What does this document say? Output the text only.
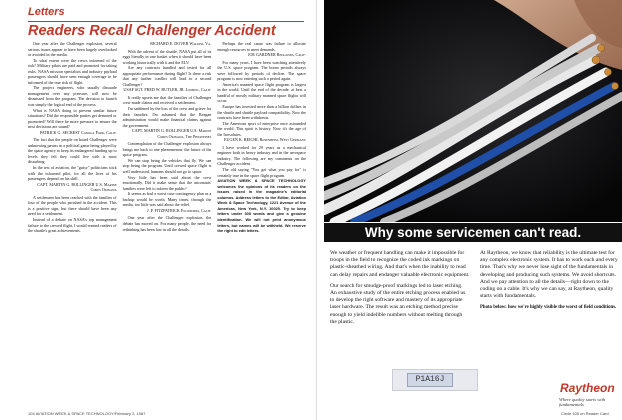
Letters
Readers Recall Challenger Accident

One year after the Challenger explosion, several serious issues appear to have been largely overlooked or avoided in the media.

To what extent were the crews informed of the risk? Military pilots are paid and promoted for taking risks. NASA mission specialists and industry payload passengers should have seen enough coverage to be informed of the true risk of flight.

The project engineers, who usually dissuade management over any pressure, will now be dismissed from the program. The decision to launch was simply the logical end of the process.

What is NASA doing to prevent similar future situations? Did the responsible parties get demoted or promoted? Will there be more pressure to ensure the next decisions are sound?

PATRICK G. SECREST Canoga Park, Calif.

The fact that the people on board Challenger were unknowing pawns in a political game being played by the space agency to keep its endangered funding up to levels they felt they could live with is most disturbing.

In the test of aviation, the "gutsy" politicians stick with the informed pilot, for all the lives of his passengers depend on his skill.

CAPT. MARTIN G. ROLLINGER U.S. Marine Corps Okinawa

A settlement has been reached with the families of four of the people who perished in the accident. This is a positive sign, but there should have been any need for a settlement.

Instead of a debate on NASA's top management failure to the crewed flight, I would remind readers of the shuttle's great achievements.

RICHARD E. DOVER Walker, Va.

With the advent of the shuttle, NASA put all of its eggs literally in one basket when it should have been working historically with it and the ELV.

Are any contracts handled and tested for all appropriate performance during flight? Is there a risk that any further conflict will lead to a second Challenger?

USAF SGT. FRED W. BUTLER, JR. Lompoc, Calif.

It really upsets me that the families of Challenger crew made claims and received a settlement.

I'm saddened by the loss of the crew and grieve for their families. I'm ashamed that the Reagan administration would make financial claims against the government.

CAPT. MARTIN G. ROLLINGER U.S. Marine Corps Okinawa, The Philippines

Contemplation of the Challenger explosion always brings me back to one phenomenon: the future of the space program.

We can stop being the vehicles that fly. We can stop being the program. Until crewed space flight is well understood, humans should not go to space.

Very little has been said about the crew emotionally. Did it make sense that the astronauts' families were left to inform the public?

It seems as bad a worst case contingency plan as a backup would be worth. Many times, through the media, too little was said about the relief.

J. P. FITZPATRICK Escondido, Calif.

One year after the Challenger explosion, the debate has moved on. For many people, the need for rethinking has been lost in all the details.

Perhaps the real cause was failure to allocate enough resources to meet demands.

JOE GARDNER Redlands, Calif.

For many years, I have been watching attentively the U.S. space program. The boom periods always were followed by periods of decline. The space program is now entering such a period again.

America's manned space flight program is largest in the world. Until the end of the decade, at best a handful of mostly military manned space flights will occur.

Europe has invested more than a billion dollars in the shuttle and shuttle payload compatibility. Now the contracts have been withdrawn.

The American sport of enterprise once astounded the world. This spirit is history. Now it's the age of the Irresolutes.

EUGEN K. REICHL Rosenheim, West Germany

I have worked for 29 years as a mechanical engineer both in heavy industry and in the aerospace industry. The following are my comments on the Challenger accident.

The old saying "You get what you pay for" is certainly true in the space flight program.

AVIATION WEEK & SPACE TECHNOLOGY welcomes the opinions of its readers on the issues raised in the magazine's editorial columns. Address letters to the Editor, Aviation Week & Space Technology, 1221 Avenue of the Americas, New York, N.Y. 10020. Try to keep letters under 300 words and give a genuine identification. We will not print anonymous letters, but names will be withheld. We reserve the right to edit letters.

104 AVIATION WEEK & SPACE TECHNOLOGY/February 2, 1987
Why some servicemen can't read.

We weather or frequent handling can make it impossible for troops in the field to recognize the coded ink markings on plastic-sheathed wiring. And that's when the inability to read can delay repairs and endanger valuable electronic equipment.

Our search for smudge-proof markings led to laser etching. An exhaustive study of the entire etching process enabled us to develop the right software and mastery of its appropriate laser hardware. The result was an etching method precise enough to yield indelible numbers without melting through the plastic.

At Raytheon, we know that reliability is the ultimate test for any complex electronic system. It has to work each and every time. That's why we never lose sight of the fundamentals in developing and producing such systems. We avoid shortcuts. And we pay attention to all the details—right down to the coding on a cable. It's why we can say, at Raytheon, quality starts with fundamentals.

Photo below: how we're highly visible the worst of field conditions.

P1A16J
Raytheon
Where quality starts with fundamentals
Circle 105 on Reader Card
